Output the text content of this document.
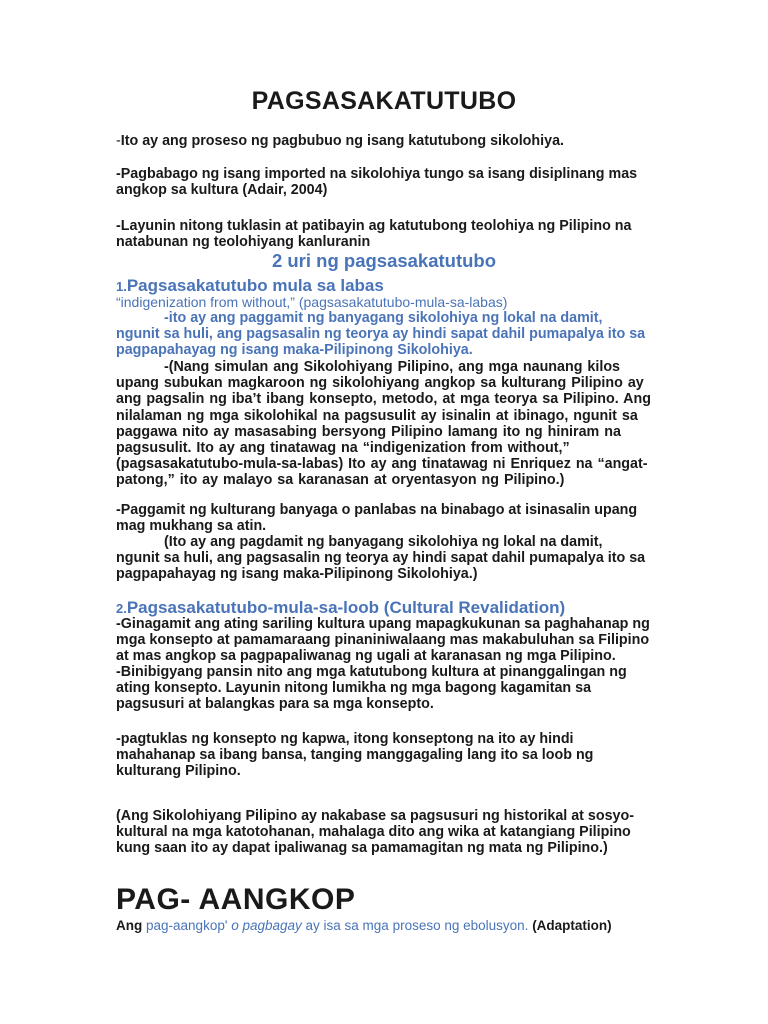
PAGSASAKATUTUBO

-Ito ay ang proseso ng pagbubuo ng isang katutubong sikolohiya.

-Pagbabago ng isang imported na sikolohiya tungo sa isang disiplinang mas angkop sa kultura (Adair, 2004)

-Layunin nitong tuklasin at patibayin ag katutubong teolohiya ng Pilipino na natabunan ng teolohiyang kanluranin

2 uri ng pagsasakatutubo

1.Pagsasakatutubo mula sa labas

“indigenization from without,” (pagsasakatutubo-mula-sa-labas)

-ito ay ang paggamit ng banyagang sikolohiya ng lokal na damit,
ngunit sa huli, ang pagsasalin ng teorya ay hindi sapat dahil pumapalya ito sa pagpapahayag ng isang maka-Pilipinong Sikolohiya.

-(Nang simulan ang Sikolohiyang Pilipino, ang mga naunang kilos
upang subukan magkaroon ng sikolohiyang angkop sa kulturang Pilipino ay ang pagsalin ng iba’t ibang konsepto, metodo, at mga teorya sa Pilipino. Ang nilalaman ng mga sikolohikal na pagsusulit ay isinalin at ibinago, ngunit sa paggawa nito ay masasabing bersyong Pilipino lamang ito ng hiniram na pagsusulit. Ito ay ang tinatawag na “indigenization from without,” (pagsasakatutubo-mula-sa-labas) Ito ay ang tinatawag ni Enriquez na “angat-patong,” ito ay malayo sa karanasan at oryentasyon ng Pilipino.)

-Paggamit ng kulturang banyaga o panlabas na binabago at isinasalin upang mag mukhang sa atin.

(Ito ay ang pagdamit ng banyagang sikolohiya ng lokal na damit,
ngunit sa huli, ang pagsasalin ng teorya ay hindi sapat dahil pumapalya ito sa pagpapahayag ng isang maka-Pilipinong Sikolohiya.)

2.Pagsasakatutubo-mula-sa-loob (Cultural Revalidation)

-Ginagamit ang ating sariling kultura upang mapagkukunan sa paghahanap ng mga konsepto at pamamaraang pinaniniwalaang mas makabuluhan sa Filipino at mas angkop sa pagpapaliwanag ng ugali at karanasan ng mga Pilipino.

-Binibigyang pansin nito ang mga katutubong kultura at pinanggalingan ng ating konsepto. Layunin nitong lumikha ng mga bagong kagamitan sa pagsusuri at balangkas para sa mga konsepto.

-pagtuklas ng konsepto ng kapwa, itong konseptong na ito ay hindi mahahanap sa ibang bansa, tanging manggagaling lang ito sa loob ng kulturang Pilipino.

(Ang Sikolohiyang Pilipino ay nakabase sa pagsusuri ng historikal at sosyo-kultural na mga katotohanan, mahalaga dito ang wika at katangiang Pilipino kung saan ito ay dapat ipaliwanag sa pamamagitan ng mata ng Pilipino.)

PAG- AANGKOP

Ang pag-aangkop' o pagbagay ay isa sa mga proseso ng ebolusyon. (Adaptation)
